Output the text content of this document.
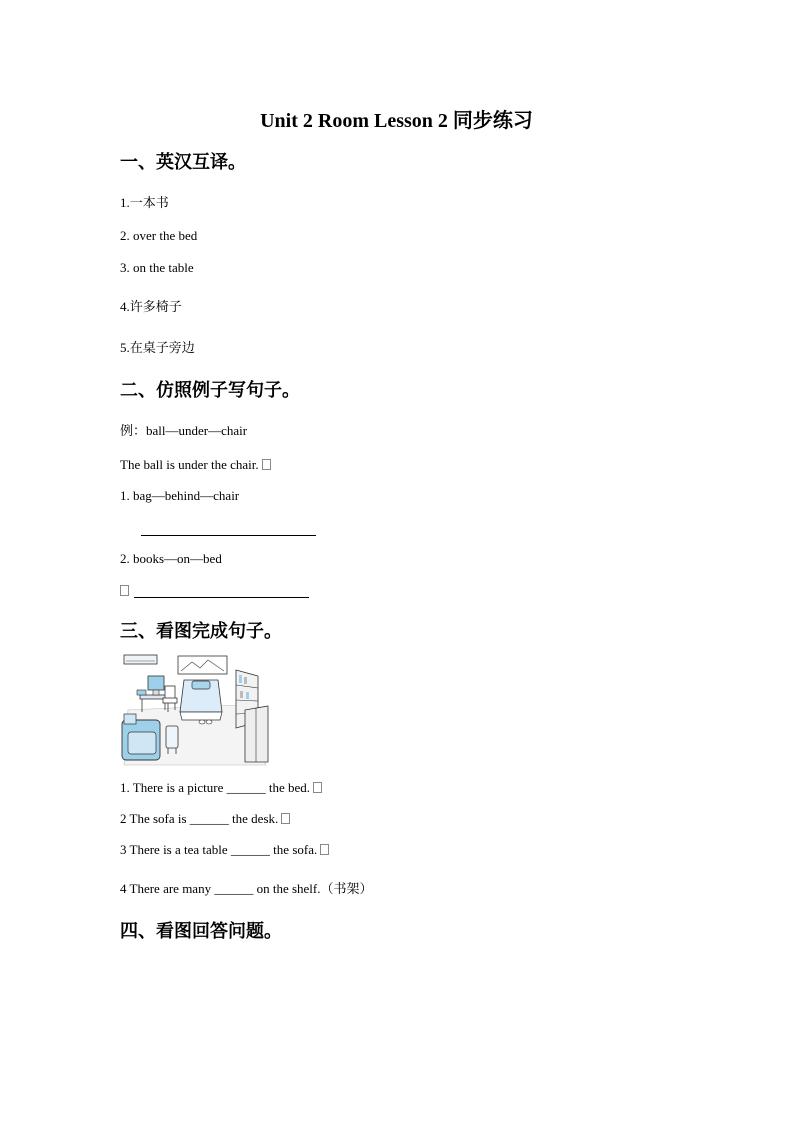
Unit 2 Room Lesson 2 同步练习
一、英汉互译。
1.一本书
2. over the bed
3. on the table
4.许多椅子
5.在桌子旁边
二、仿照例子写句子。
例：ball—under—chair
The ball is under the chair.
1. bag—behind—chair
2. books—on—bed
三、看图完成句子。
1. There is a picture ______ the bed.
2 The sofa is ______ the desk.
3 There is a tea table ______ the sofa.
4 There are many ______ on the shelf.（书架）
四、看图回答问题。
